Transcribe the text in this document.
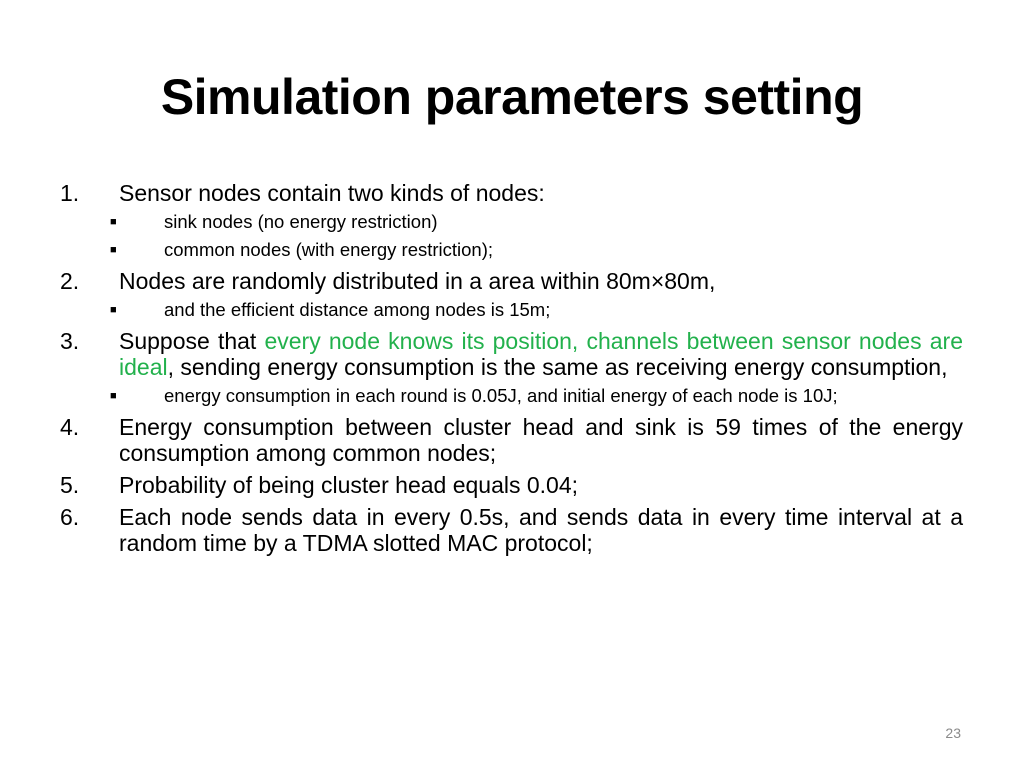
Simulation parameters setting
1. Sensor nodes contain two kinds of nodes:
■	sink nodes (no energy restriction)
■	common nodes (with energy restriction);
2. Nodes are randomly distributed in a area within 80m×80m,
■	and the efficient distance among nodes is 15m;
3. Suppose that every node knows its position, channels between sensor nodes are ideal, sending energy consumption is the same as receiving energy consumption,
■	energy consumption in each round is 0.05J, and initial energy of each node is 10J;
4. Energy consumption between cluster head and sink is 59 times of the energy consumption among common nodes;
5. Probability of being cluster head equals 0.04;
6. Each node sends data in every 0.5s, and sends data in every time interval at a random time by a TDMA slotted MAC protocol;
23
